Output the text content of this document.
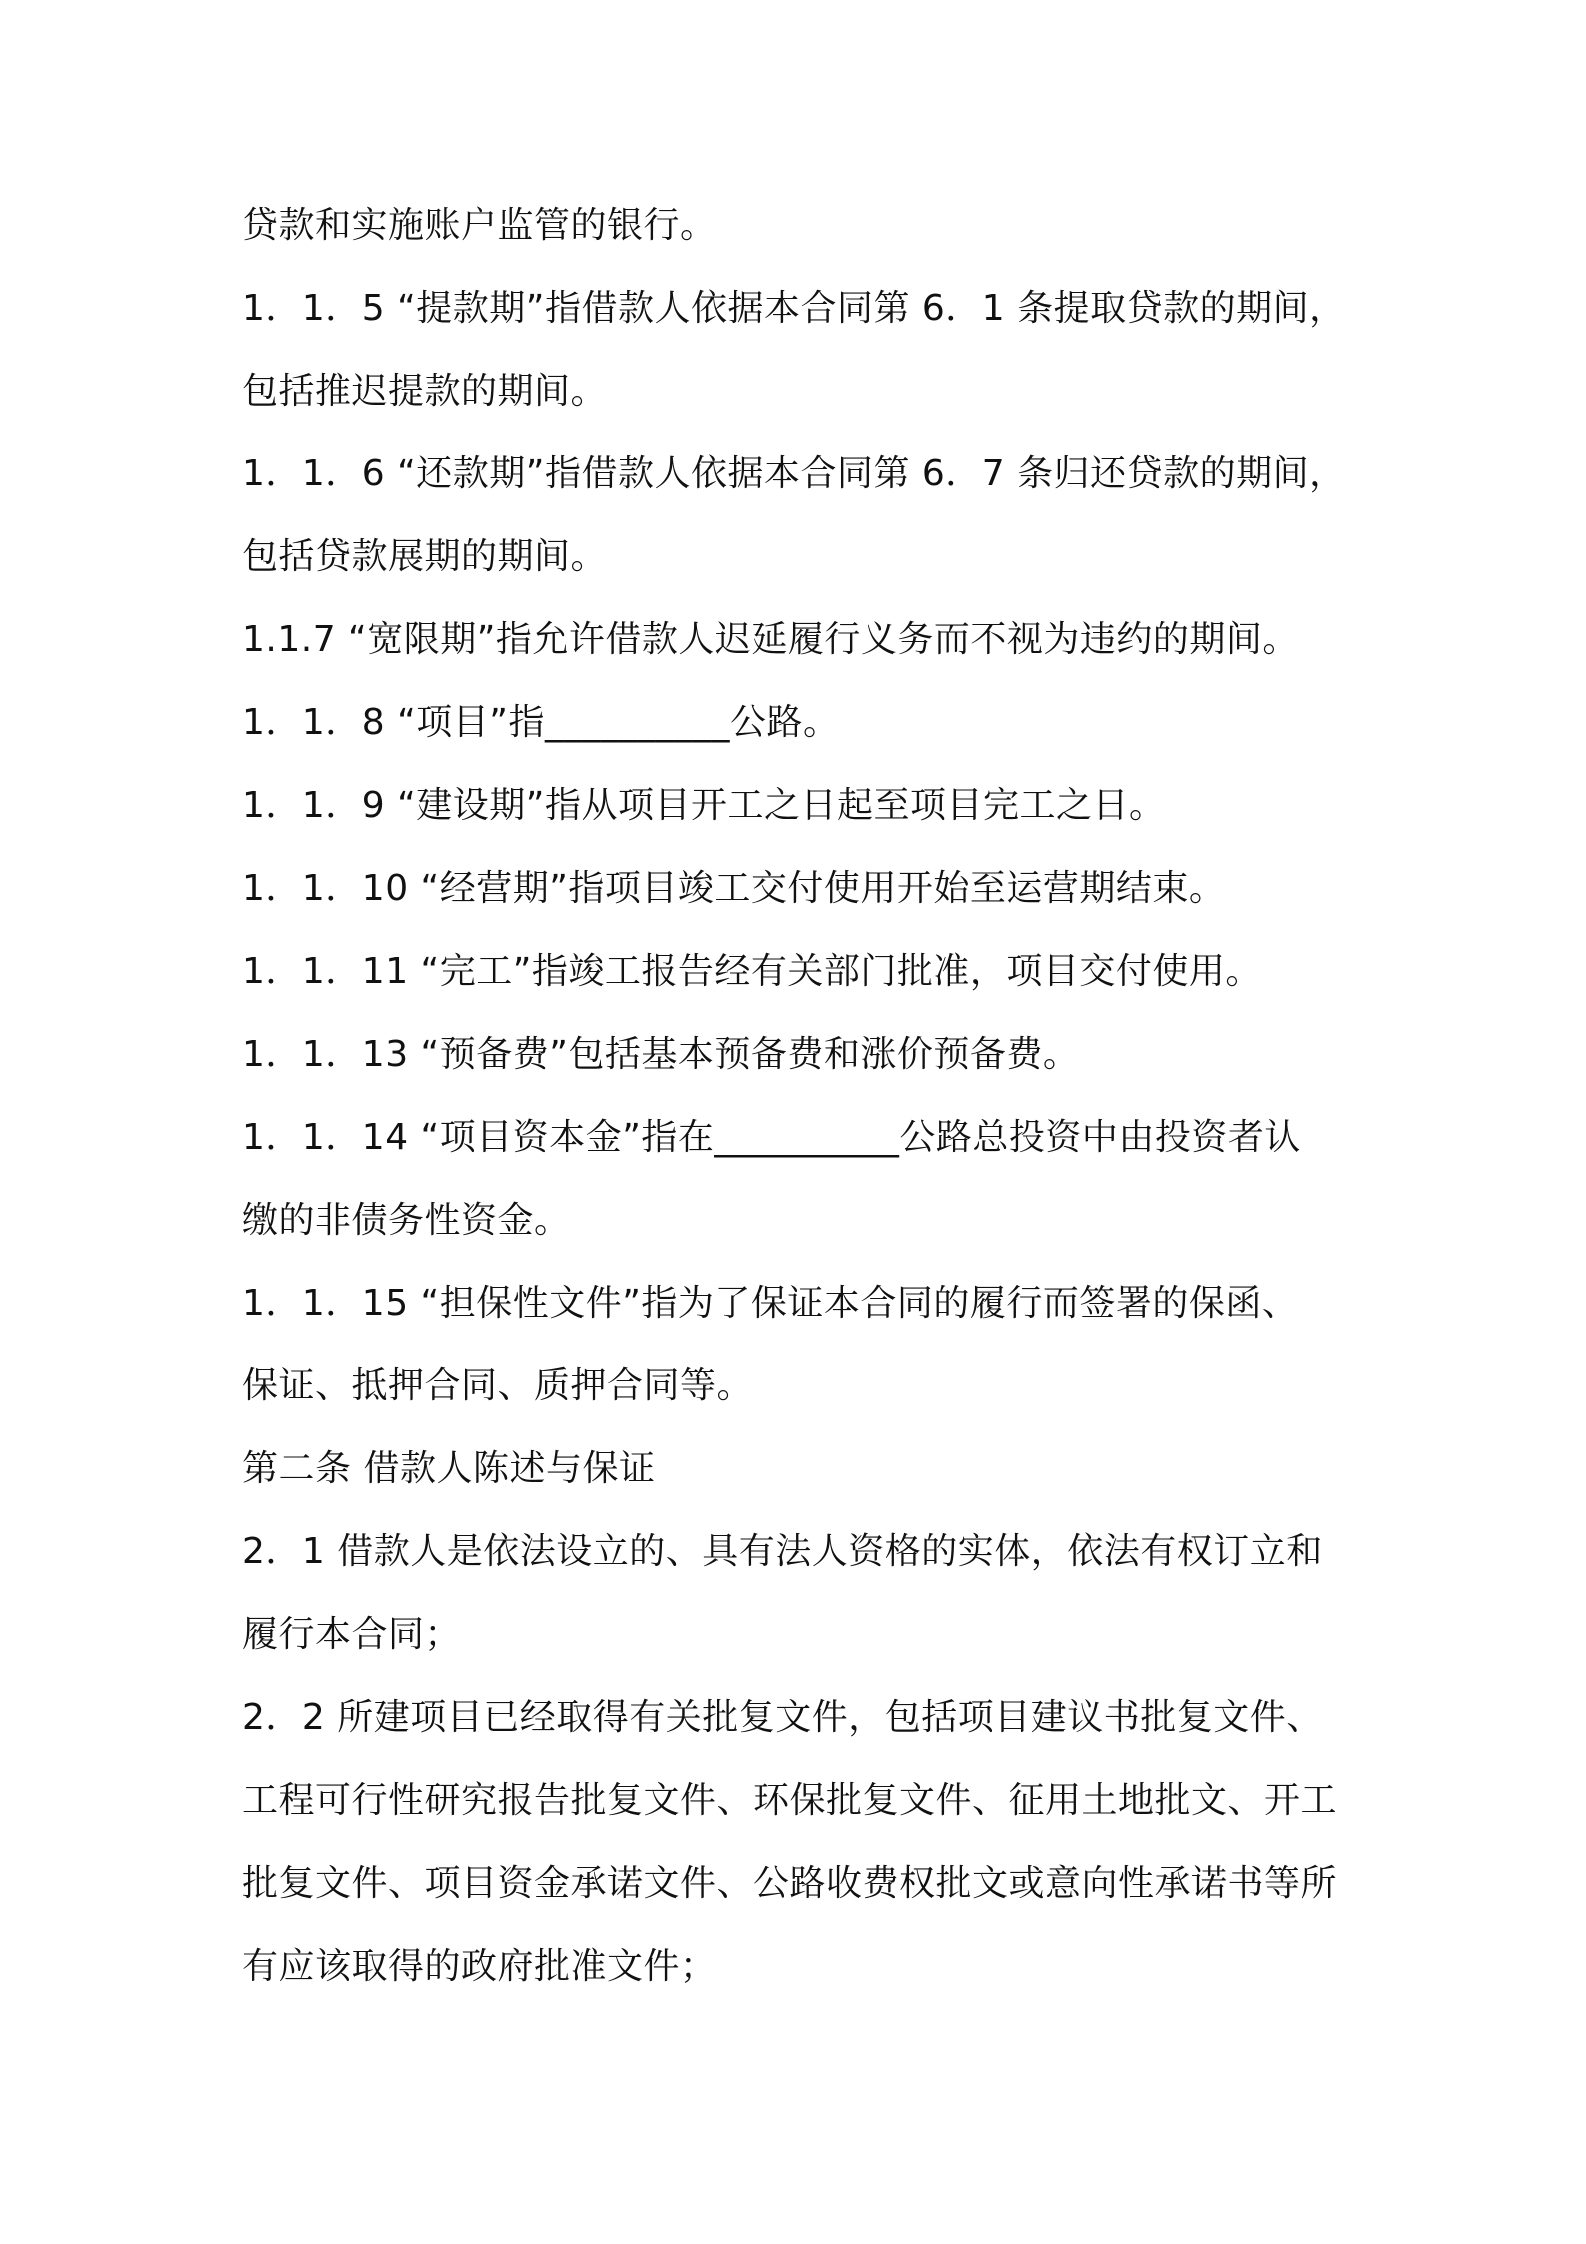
贷款和实施账户监管的银行。
1．1．5 “提款期”指借款人依据本合同第 6．1 条提取贷款的期间，
包括推迟提款的期间。
1．1．6 “还款期”指借款人依据本合同第 6．7 条归还贷款的期间，
包括贷款展期的期间。
1.1.7 “宽限期”指允许借款人迟延履行义务而不视为违约的期间。
1．1．8 “项目”指__________公路。
1．1．9 “建设期”指从项目开工之日起至项目完工之日。
1．1．10 “经营期”指项目竣工交付使用开始至运营期结束。
1．1．11 “完工”指竣工报告经有关部门批准，项目交付使用。
1．1．13 “预备费”包括基本预备费和涨价预备费。
1．1．14 “项目资本金”指在__________公路总投资中由投资者认
缴的非债务性资金。
1．1．15 “担保性文件”指为了保证本合同的履行而签署的保函、
保证、抵押合同、质押合同等。
第二条 借款人陈述与保证
2．1 借款人是依法设立的、具有法人资格的实体，依法有权订立和
履行本合同；
2．2 所建项目已经取得有关批复文件，包括项目建议书批复文件、
工程可行性研究报告批复文件、环保批复文件、征用土地批文、开工
批复文件、项目资金承诺文件、公路收费权批文或意向性承诺书等所
有应该取得的政府批准文件；
